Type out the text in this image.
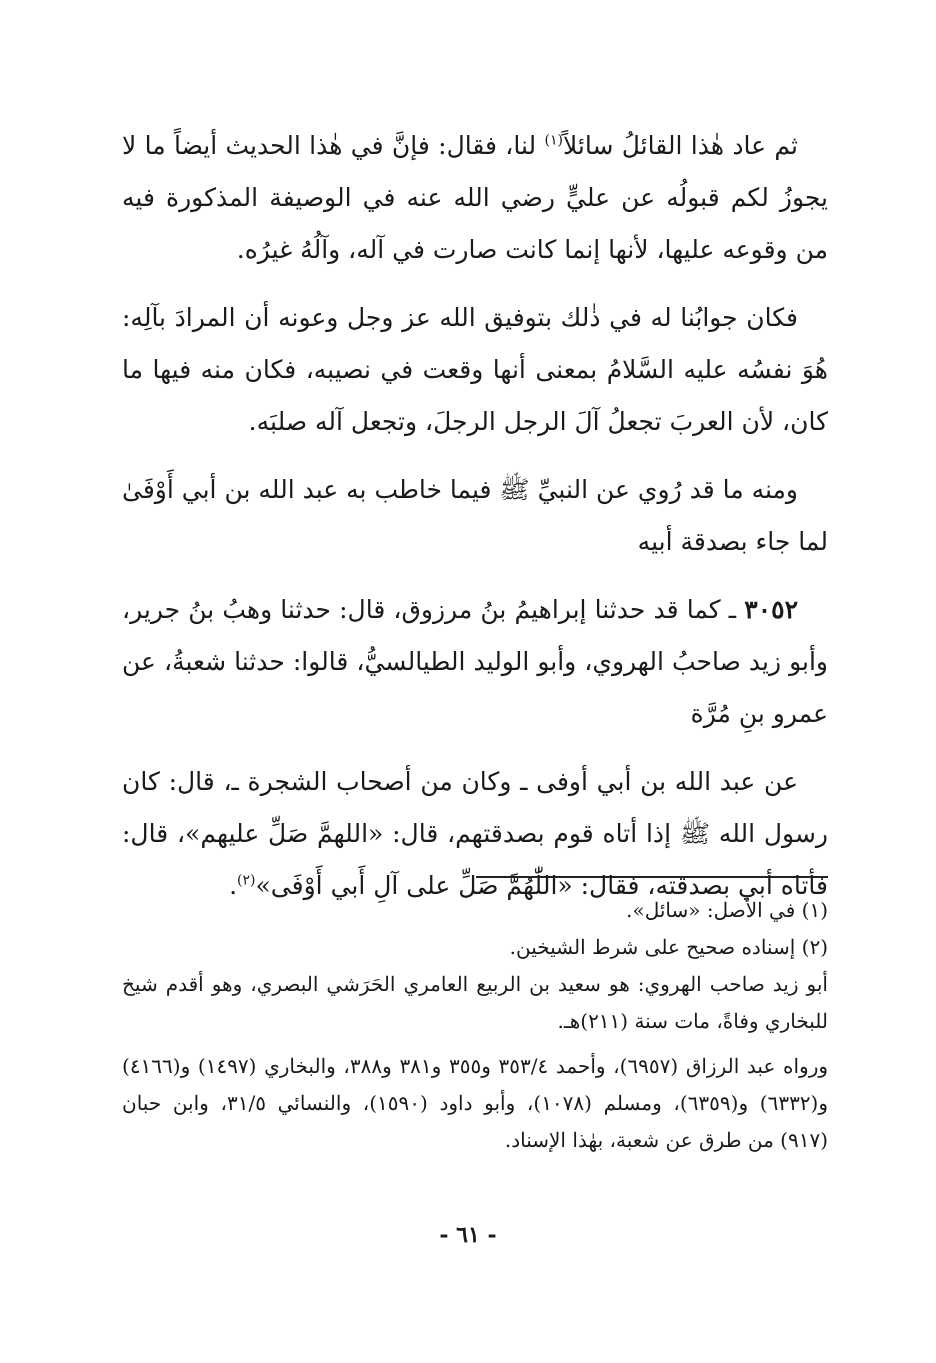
ثم عاد هٰذا القائلُ سائلاً$^{(١)}$ لنا، فقال: فإنَّ في هٰذا الحديث أيضاً ما لا يجوزُ لكم قبولُه عن عليٍّ رضي الله عنه في الوصيفة المذكورة فيه من وقوعه عليها، لأنها إنما كانت صارت في آله، وآلُهُ غيرُه.

فكان جوابُنا له في ذٰلك بتوفيق الله عز وجل وعونه أن المرادَ بآلِه: هُوَ نفسُه عليه السَّلامُ بمعنى أنها وقعت في نصيبه، فكان منه فيها ما كان، لأن العربَ تجعلُ آلَ الرجل الرجلَ، وتجعل آله صلبَه.

ومنه ما قد رُوي عن النبيِّ ﷺ فيما خاطب به عبد الله بن أبي أَوْفَىٰ لما جاء بصدقة أبيه

٣٠٥٢ ـ كما قد حدثنا إبراهيمُ بنُ مرزوق، قال: حدثنا وهبُ بنُ جرير، وأبو زيد صاحبُ الهروي، وأبو الوليد الطيالسيُّ، قالوا: حدثنا شعبةُ، عن عمرو بنِ مُرَّة

عن عبد الله بن أبي أوفى ـ وكان من أصحاب الشجرة ـ، قال: كان رسول الله ﷺ إذا أتاه قوم بصدقتهم، قال: «اللهمَّ صَلِّ عليهم»، قال: فأتاه أبي بصدقته، فقال: «اللّٰهُمَّ صَلِّ على آلِ أَبي أَوْفَى»$^{(٢)}$.

(١) في الأصل: «سائل».

(٢) إسناده صحيح على شرط الشيخين.

أبو زيد صاحب الهروي: هو سعيد بن الربيع العامري الحَرَشي البصري، وهو أقدم شيخ للبخاري وفاةً، مات سنة (٢١١)هـ.

ورواه عبد الرزاق (٦٩٥٧)، وأحمد ٣٥٣/٤ و٣٥٥ و٣٨١ و٣٨٨، والبخاري (١٤٩٧) و(٤١٦٦) و(٦٣٣٢) و(٦٣٥٩)، ومسلم (١٠٧٨)، وأبو داود (١٥٩٠)، والنسائي ٣١/٥، وابن حبان (٩١٧) من طرق عن شعبة، بهٰذا الإسناد.

- ٦١ -
